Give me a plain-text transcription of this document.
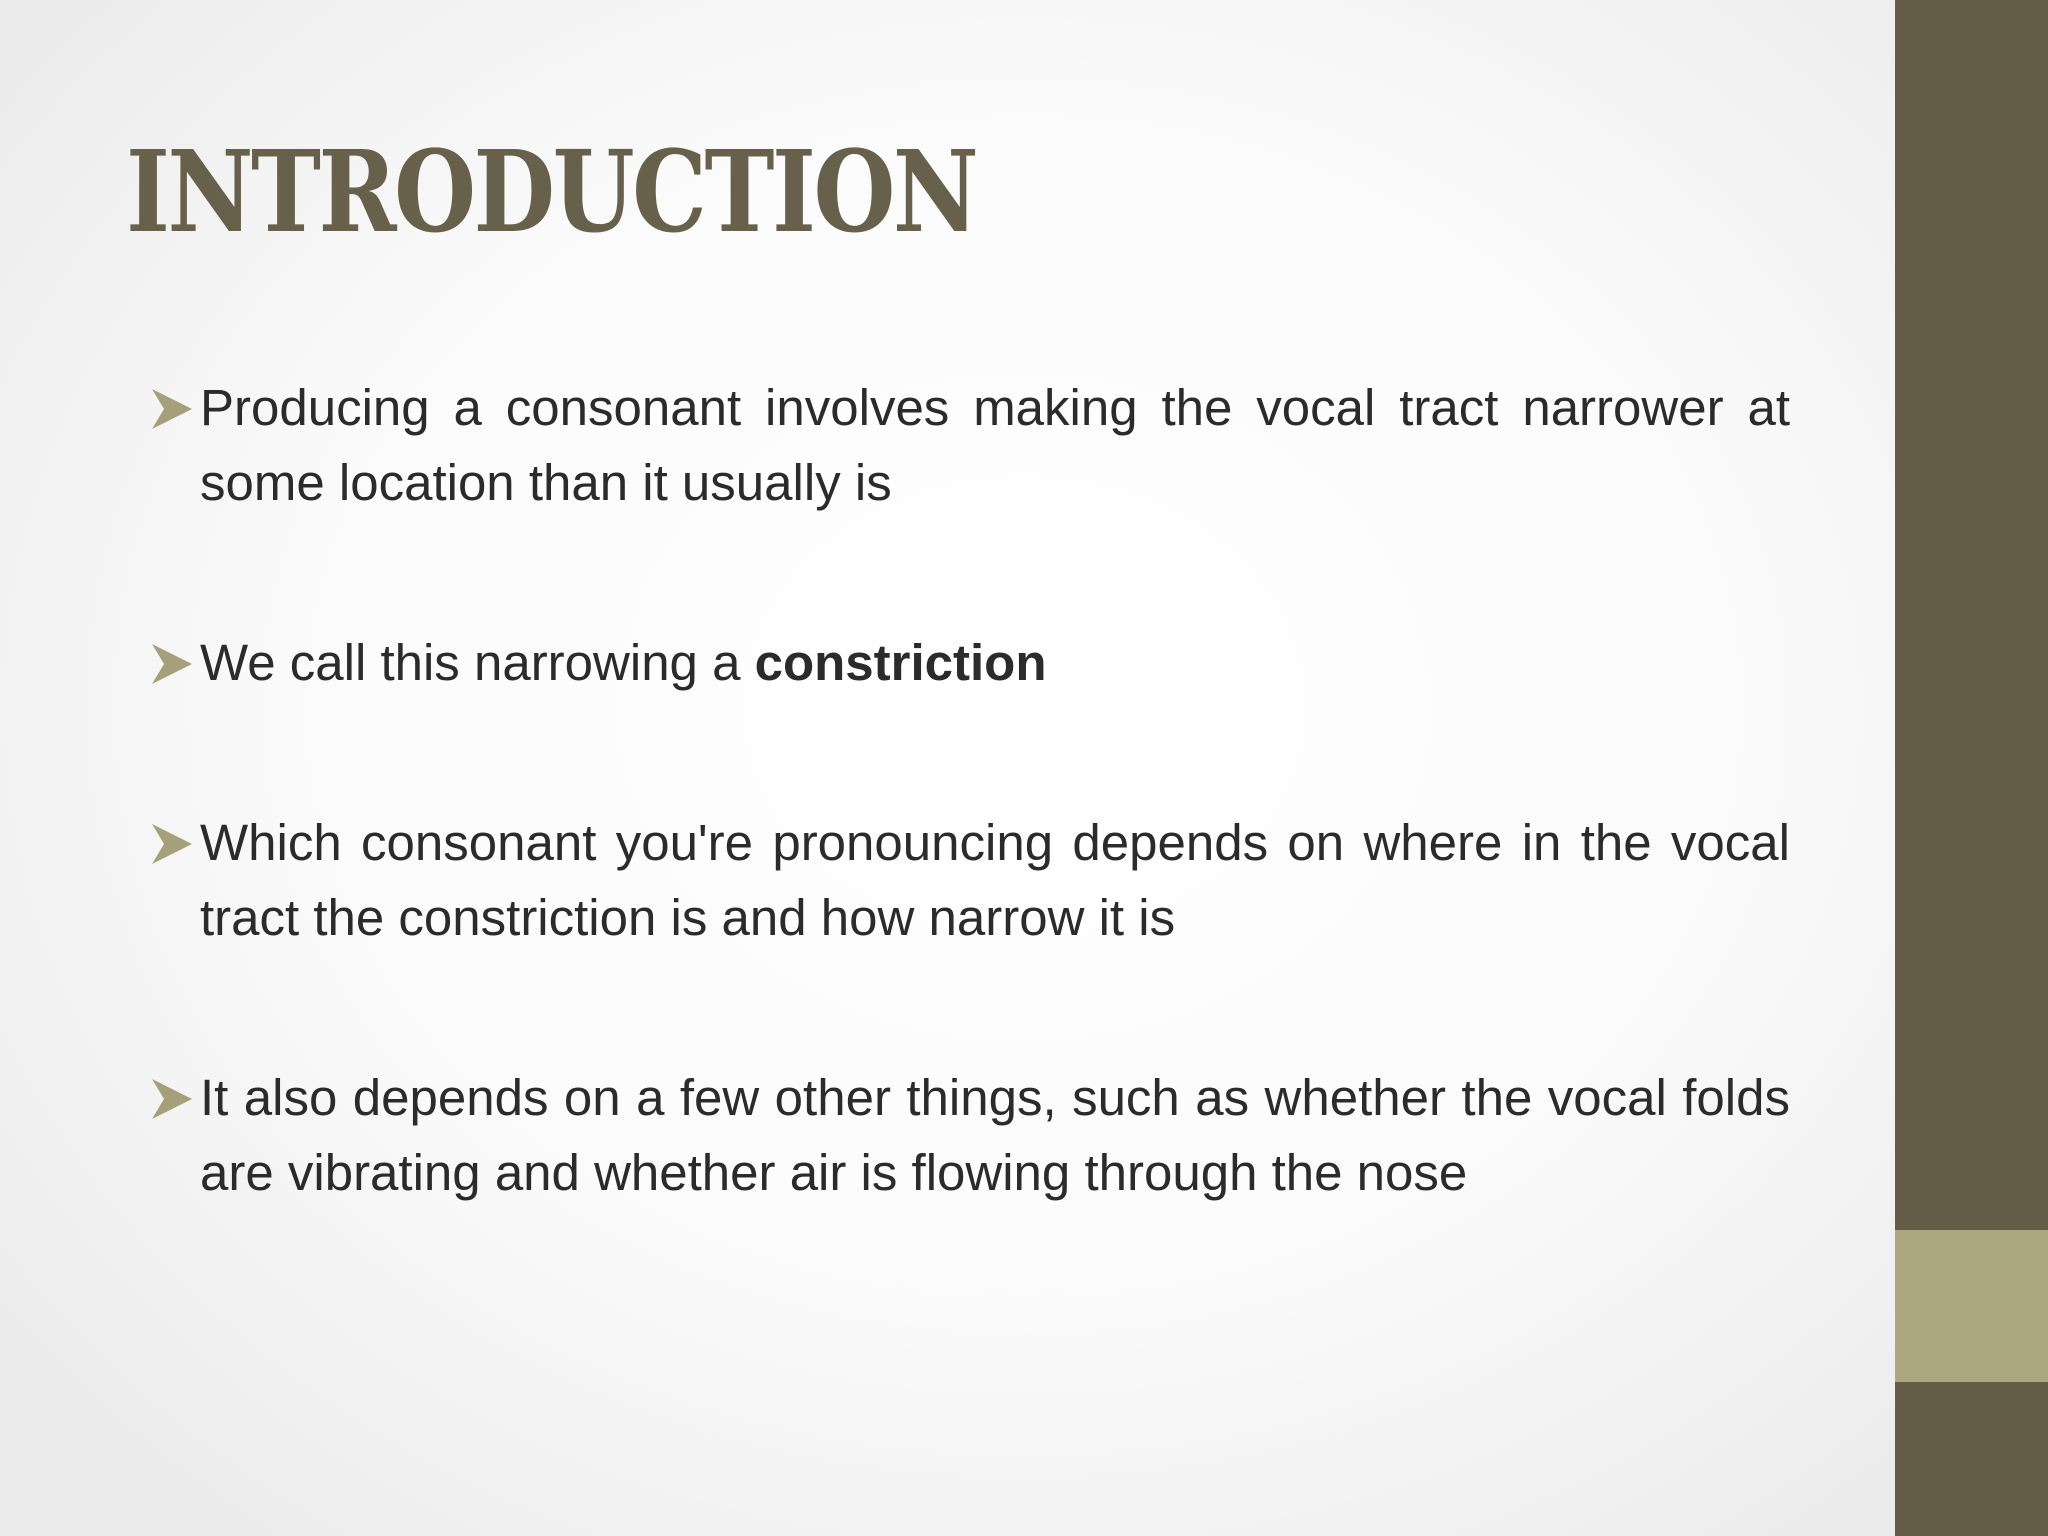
INTRODUCTION
Producing a consonant involves making the vocal tract narrower at some location than it usually is
We call this narrowing a constriction
Which consonant you're pronouncing depends on where in the vocal tract the constriction is and how narrow it is
It also depends on a few other things, such as whether the vocal folds are vibrating and whether air is flowing through the nose
